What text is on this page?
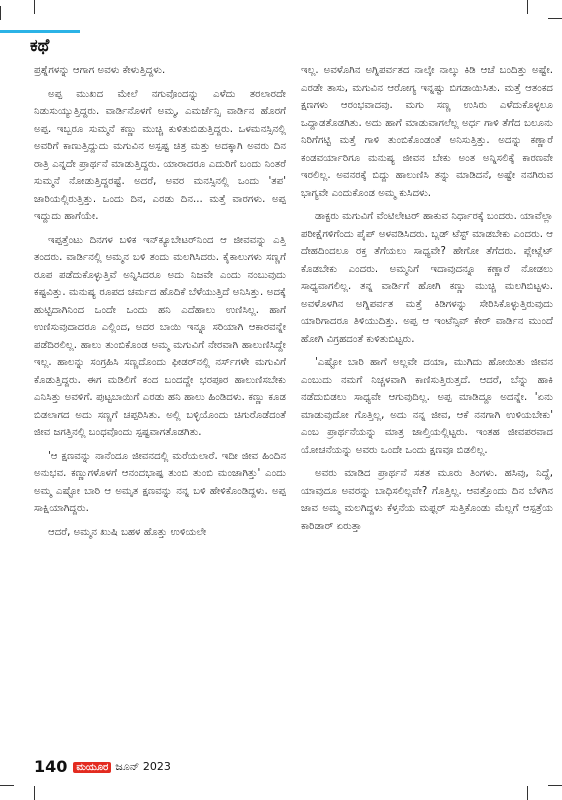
ಕಥೆ

ಪ್ರಶ್ನೆಗಳನ್ನು ಆಗಾಗ ಅವಳು ಕೇಳುತ್ತಿದ್ದಳು.

ಅಪ್ಪ ಮುಖದ ಮೇಲೆ ನಗುವೊಂದನ್ನು ಎಳೆದು ತರಲಾರದೇ ನಿಡುಸುಯ್ಯುತ್ತಿದ್ದರು. ವಾರ್ಡಿನೊಳಗೆ ಅಮ್ಮ, ಎಮರ್ಜೆನ್ಸಿ ವಾರ್ಡಿನ ಹೊರಗೆ ಅಪ್ಪ. ಇಬ್ಬರೂ ಸುಮ್ಮನೆ ಕಣ್ಣು ಮುಚ್ಚಿ ಕುಳಿತುಬಿಡುತ್ತಿದ್ದರು. ಒಳಮನಸ್ಸಿನಲ್ಲಿ ಅವರಿಗೆ ಕಾಣುತ್ತಿದ್ದುದು ಮಗುವಿನ ಅಸ್ಪಷ್ಟ ಚಿತ್ರ ಮತ್ತು ಅದಕ್ಕಾಗಿ ಅವರು ದಿನ ರಾತ್ರಿ ಎನ್ನದೇ ಪ್ರಾರ್ಥನೆ ಮಾಡುತ್ತಿದ್ದರು. ಯಾರಾದರೂ ಎದುರಿಗೆ ಬಂದು ನಿಂತರೆ ಸುಮ್ಮನೆ ನೋಡುತ್ತಿದ್ದರಷ್ಟೆ. ಅದರೆ, ಅವರ ಮನಸ್ಸಿನಲ್ಲಿ ಒಂದು 'ತಪ' ಜಾರಿಯಲ್ಲಿರುತ್ತಿತ್ತು. ಒಂದು ದಿನ, ಎರಡು ದಿನ... ಮತ್ತೆ ವಾರಗಳು. ಅಪ್ಪ ಇದ್ದುದು ಹಾಗೆಯೇ.

ಇಪ್ಪತ್ತೆಂಟು ದಿನಗಳ ಬಳಿಕ ಇನ್‌ಕ್ಯೂಬೇಟರ್‌ನಿಂದ ಆ ಜೀವವನ್ನು ಎತ್ತಿ ತಂದರು. ವಾರ್ಡಿನಲ್ಲಿ ಅಮ್ಮನ ಬಳಿ ತಂದು ಮಲಗಿಸಿದರು. ಕೈಕಾಲುಗಳು ಸಣ್ಣಗೆ ರೂಪ ಪಡೆದುಕೊಳ್ಳುತ್ತಿವೆ ಅನ್ನಿಸಿದರೂ ಅದು ನಿಜವೇ ಎಂದು ನಂಬುವುದು ಕಷ್ಟವಿತ್ತು. ಮನುಷ್ಯ ರೂಪದ ಚರ್ಮದ ಹೊದಿಕೆ ಬೆಳೆಯುತ್ತಿದೆ ಅನಿಸಿತ್ತು. ಅದಕ್ಕೆ ಹುಟ್ಟಿದಾಗಿನಿಂದ ಒಂದೇ ಒಂದು ಹನಿ ಎದೆಹಾಲು ಉಣಿಸಿಲ್ಲ. ಹಾಗೆ ಉಣಿಸುವುದಾದರೂ ಎಲ್ಲಿಂದ, ಅದರ ಬಾಯಿ ಇನ್ನೂ ಸರಿಯಾಗಿ ಆಕಾರವನ್ನೇ ಪಡೆದಿರಲಿಲ್ಲ. ಹಾಲು ತುಂಬಿಕೊಂಡ ಅಮ್ಮ ಮಗುವಿಗೆ ನೇರವಾಗಿ ಹಾಲುಣಿಸಿದ್ದೇ ಇಲ್ಲ. ಹಾಲನ್ನು ಸಂಗ್ರಹಿಸಿ ಸಣ್ಣದೊಂದು ಫೀಡರ್‌ನಲ್ಲಿ ನರ್ಸ್‌ಗಳೇ ಮಗುವಿಗೆ ಕೊಡುತ್ತಿದ್ದರು. ಈಗ ಮಡಿಲಿಗೆ ಕಂದ ಬಂದದ್ದೇ ಭರಪೂರ ಹಾಲುಣಿಸಬೇಕು ಎನಿಸಿತ್ತು ಅವಳಿಗೆ. ಪುಟ್ಟಬಾಯಿಗೆ ಎರಡು ಹನಿ ಹಾಲು ಹಿಂಡಿದಳು. ಕಣ್ಣು ಕೂಡ ಬಿಡಲಾಗದ ಅದು ಸಣ್ಣಗೆ ಚಪ್ಪರಿಸಿತು. ಅಲ್ಲಿ ಬಳ್ಳಿಯೊಂದು ಚಿಗುರೊಡೆದಂತೆ ಜೀವ ಜಗತ್ತಿನಲ್ಲಿ ಬಂಧವೊಂದು ಸ್ಪಷ್ಟವಾಗತೊಡಗಿತು.

'ಆ ಕ್ಷಣವನ್ನು ನಾನೆಂದೂ ಜೀವನದಲ್ಲಿ ಮರೆಯಲಾರೆ. ಇದೀ ಜೀವ ಹಿಂದಿನ ಅನುಭವ. ಕಣ್ಣುಗಳೊಳಗೆ ಆನಂದಭಾಷ್ಪ ತುಂಬಿ ತುಂಬಿ ಮಂಜಾಗಿತ್ತು' ಎಂದು ಅಮ್ಮ ಎಷ್ಟೋ ಬಾರಿ ಆ ಅಮೃತ ಕ್ಷಣವನ್ನು ನನ್ನ ಬಳಿ ಹೇಳಿಕೊಂಡಿದ್ದಳು. ಅಪ್ಪ ಸಾಕ್ಷಿಯಾಗಿದ್ದರು.

ಆದರೆ, ಅಮ್ಮನ ಖುಷಿ ಬಹಳ ಹೊತ್ತು ಉಳಿಯಲೇ

ಇಲ್ಲ. ಅವಳೊಗಿನ ಅಗ್ನಿಪರ್ವತದ ನಾಲ್ಕೇ ನಾಲ್ಕು ಕಿಡಿ ಆಚೆ ಬಂದಿತ್ತು ಅಷ್ಟೇ. ಎರಡೇ ತಾಸು, ಮಗುವಿನ ಆರೋಗ್ಯ ಇನ್ನಷ್ಟು ಬಿಗಡಾಯಿಸಿತು. ಮತ್ತೆ ಆತಂಕದ ಕ್ಷಣಗಳು ಆರಂಭವಾದವು. ಮಗು ಸಣ್ಣ ಉಸಿರು ಎಳೆದುಕೊಳ್ಳಲೂ ಒದ್ದಾಡತೊಡಗಿತು. ಅದು ಹಾಗೆ ಮಾಡುವಾಗಲೆಲ್ಲ ಅರ್ಧ ಗಾಳಿ ತೆಗೆದ ಬಲೂನು ನಿರಿಗೆಗಟ್ಟಿ ಮತ್ತೆ ಗಾಳಿ ತುಂಬಿಕೊಂಡಂತೆ ಅನಿಸುತ್ತಿತ್ತು. ಅದನ್ನು ಕಣ್ಣಾರೆ ಕಂಡವರ್ಯಾರಿಗೂ ಮನುಷ್ಯ ಜೀವನ ಬೇಕು ಅಂತ ಅನ್ನಿಸಲಿಕ್ಕೆ ಕಾರಣವೇ ಇರಲಿಲ್ಲ. ಅವನರಕ್ಕೆ ಬಿದ್ದು ಹಾಲುಣಿಸಿ ತನ್ನು ಮಾಡಿದನೆ, ಅಷ್ಟೇ ನನಗಿರುವ ಭಾಗ್ಯವೇ ಎಂದುಕೊಂಡ ಅಮ್ಮ ಕುಸಿದಳು.

ಡಾಕ್ಟರು ಮಗುವಿಗೆ ವೆಂಟಿಲೇಟರ್ ಹಾಕುವ ನಿರ್ಧಾರಕ್ಕೆ ಬಂದರು. ಯಾವೆಲ್ಲಾ ಪರೀಕ್ಷೆಗಳಿಗೆಂದು ಪೈಪ್ ಅಳವಡಿಸಿದರು. ಬ್ಲಡ್ ಟೆಸ್ಟ್ ಮಾಡಬೇಕು ಎಂದರು. ಆ ದೇಹದಿಂದಲೂ ರಕ್ತ ತೆಗೆಯಲು ಸಾಧ್ಯವೇ? ಹೇಗೋ ತೆಗೆದರು. ಪ್ಲೇಟ್ಲೆಟ್ ಕೊಡಬೇಕು ಎಂದರು. ಅಮ್ಮನಿಗೆ ಇದಾವುದನ್ನೂ ಕಣ್ಣಾರೆ ನೋಡಲು ಸಾಧ್ಯವಾಗಲಿಲ್ಲ. ತನ್ನ ವಾರ್ಡಿಗೆ ಹೋಗಿ ಕಣ್ಣು ಮುಚ್ಚಿ ಮಲಗಿಬಿಟ್ಟಳು. ಅವಳೊಳಗಿನ ಅಗ್ನಿಪರ್ವತ ಮತ್ತೆ ಕಿಡಿಗಳನ್ನು ಸೇರಿಸಿಕೊಳ್ಳುತ್ತಿರುವುದು ಯಾರಿಗಾದರೂ ತಿಳಿಯುದಿತ್ತು. ಅಪ್ಪ ಆ ಇಂಟೆನ್ಸಿವ್ ಕೇರ್ ವಾರ್ಡಿನ ಮುಂದೆ ಹೋಗಿ ವಿಗ್ರಹದಂತೆ ಕುಳಿತುಬಿಟ್ಟರು.

'ಎಷ್ಟೋ ಬಾರಿ ಹಾಗೆ ಅಲ್ಲವೇ ದಯಾ, ಮುಗಿದು ಹೋಯಿತು ಜೀವನ ಎಂಬುದು ನಮಗೆ ನಿಚ್ಚಳವಾಗಿ ಕಾಣಿಸುತ್ತಿರುತ್ತದೆ. ಆದರೆ, ಬೆನ್ನು ಹಾಕಿ ನಡೆದುಬಿಡಲು ಸಾಧ್ಯವೇ ಆಗುವುದಿಲ್ಲ. ಅಪ್ಪ ಮಾಡಿದ್ದೂ ಅದನ್ನೇ. 'ಏನು ಮಾಡುವುದೋ ಗೊತ್ತಿಲ್ಲ, ಅದು ನನ್ನ ಜೀವ, ಆಕೆ ನನಗಾಗಿ ಉಳಿಯಬೇಕು' ಎಂಬ ಪ್ರಾರ್ಥನೆಯನ್ನು ಮಾತ್ರ ಜಾಲ್ತಿಯಲ್ಲಿಟ್ಟರು. ಇಂತಹ ಜೀವಪರವಾದ ಯೋಚನೆಯನ್ನು ಅವರು ಒಂದೇ ಒಂದು ಕ್ಷಣವೂ ಬಿಡಲಿಲ್ಲ.

ಅವರು ಮಾಡಿದ ಪ್ರಾರ್ಥನೆ ಸತತ ಮೂರು ತಿಂಗಳು. ಹಸಿವು, ನಿದ್ದೆ, ಯಾವುದೂ ಅವರನ್ನು ಬಾಧಿಸಲಿಲ್ಲವೇ? ಗೊತ್ತಿಲ್ಲ. ಆವತ್ತೊಂದು ದಿನ ಬೆಳಗಿನ ಜಾವ ಅಮ್ಮ ಮಲಗಿದ್ದಳು ಕೆಳ್ತನೆಯ ಮಫ್ಲರ್ ಸುತ್ತಿಕೊಂಡು ಮೆಲ್ಲಗೆ ಆಸ್ಪತ್ರೆಯ ಕಾರಿಡಾರ್ ಏರುತ್ತಾ

140 ಮಯೂರ ಜೂನ್ 2023
